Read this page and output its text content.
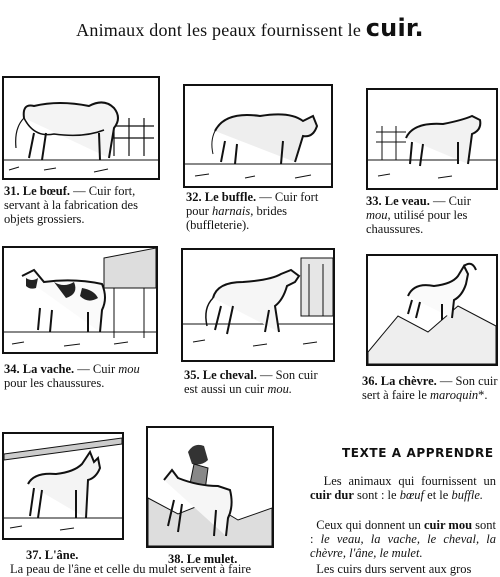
Animaux dont les peaux fournissent le cuir.
31. Le bœuf. — Cuir fort, servant à la fabrication des objets grossiers.
32. Le buffle. — Cuir fort pour harnais, brides (buffleterie).
33. Le veau. — Cuir mou, utilisé pour les chaussures.
34. La vache. — Cuir mou pour les chaussures.
35. Le cheval. — Son cuir est aussi un cuir mou.
36. La chèvre. — Son cuir sert à faire le maroquin*.
37. L'âne.	38. Le mulet.
La peau de l'âne et celle du mulet servent à faire
TEXTE A APPRENDRE
Les animaux qui fournissent un cuir dur sont : le bœuf et le buffle.
Ceux qui donnent un cuir mou sont : le veau, la vache, le cheval, la chèvre, l'âne, le mulet.
Les cuirs durs servent aux gros
